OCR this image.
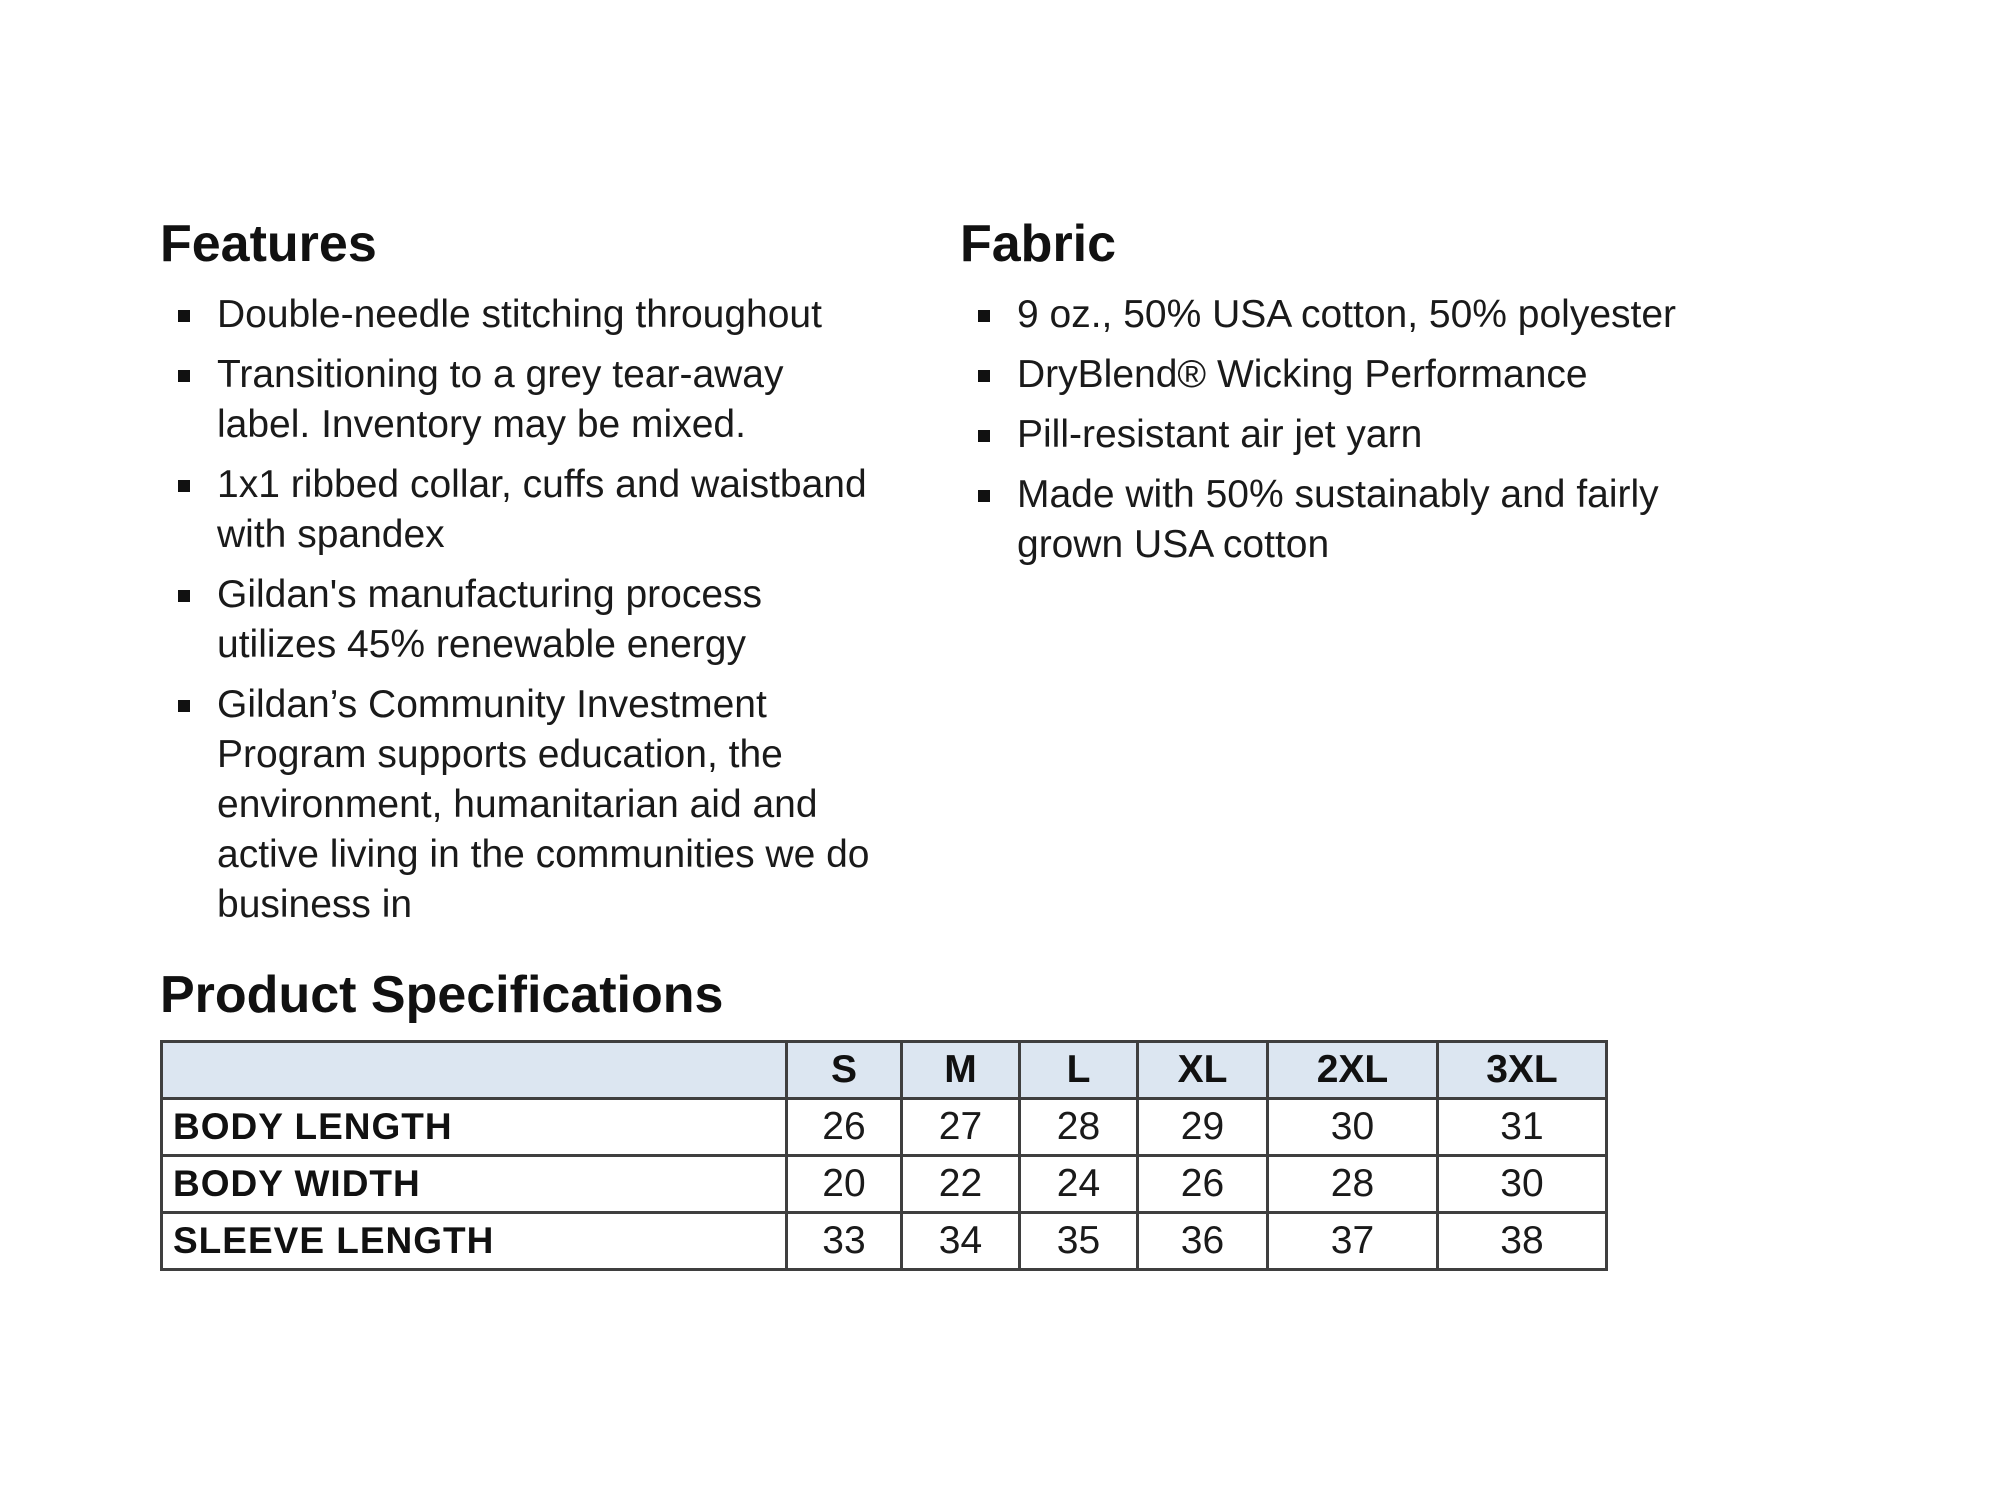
Features
Double-needle stitching throughout
Transitioning to a grey tear-away label. Inventory may be mixed.
1x1 ribbed collar, cuffs and waistband with spandex
Gildan's manufacturing process utilizes 45% renewable energy
Gildan’s Community Investment Program supports education, the environment, humanitarian aid and active living in the communities we do business in
Fabric
9 oz., 50% USA cotton, 50% polyester
DryBlend® Wicking Performance
Pill-resistant air jet yarn
Made with 50% sustainably and fairly grown USA cotton
Product Specifications
	S	M	L	XL	2XL	3XL
BODY LENGTH	26	27	28	29	30	31
BODY WIDTH	20	22	24	26	28	30
SLEEVE LENGTH	33	34	35	36	37	38
